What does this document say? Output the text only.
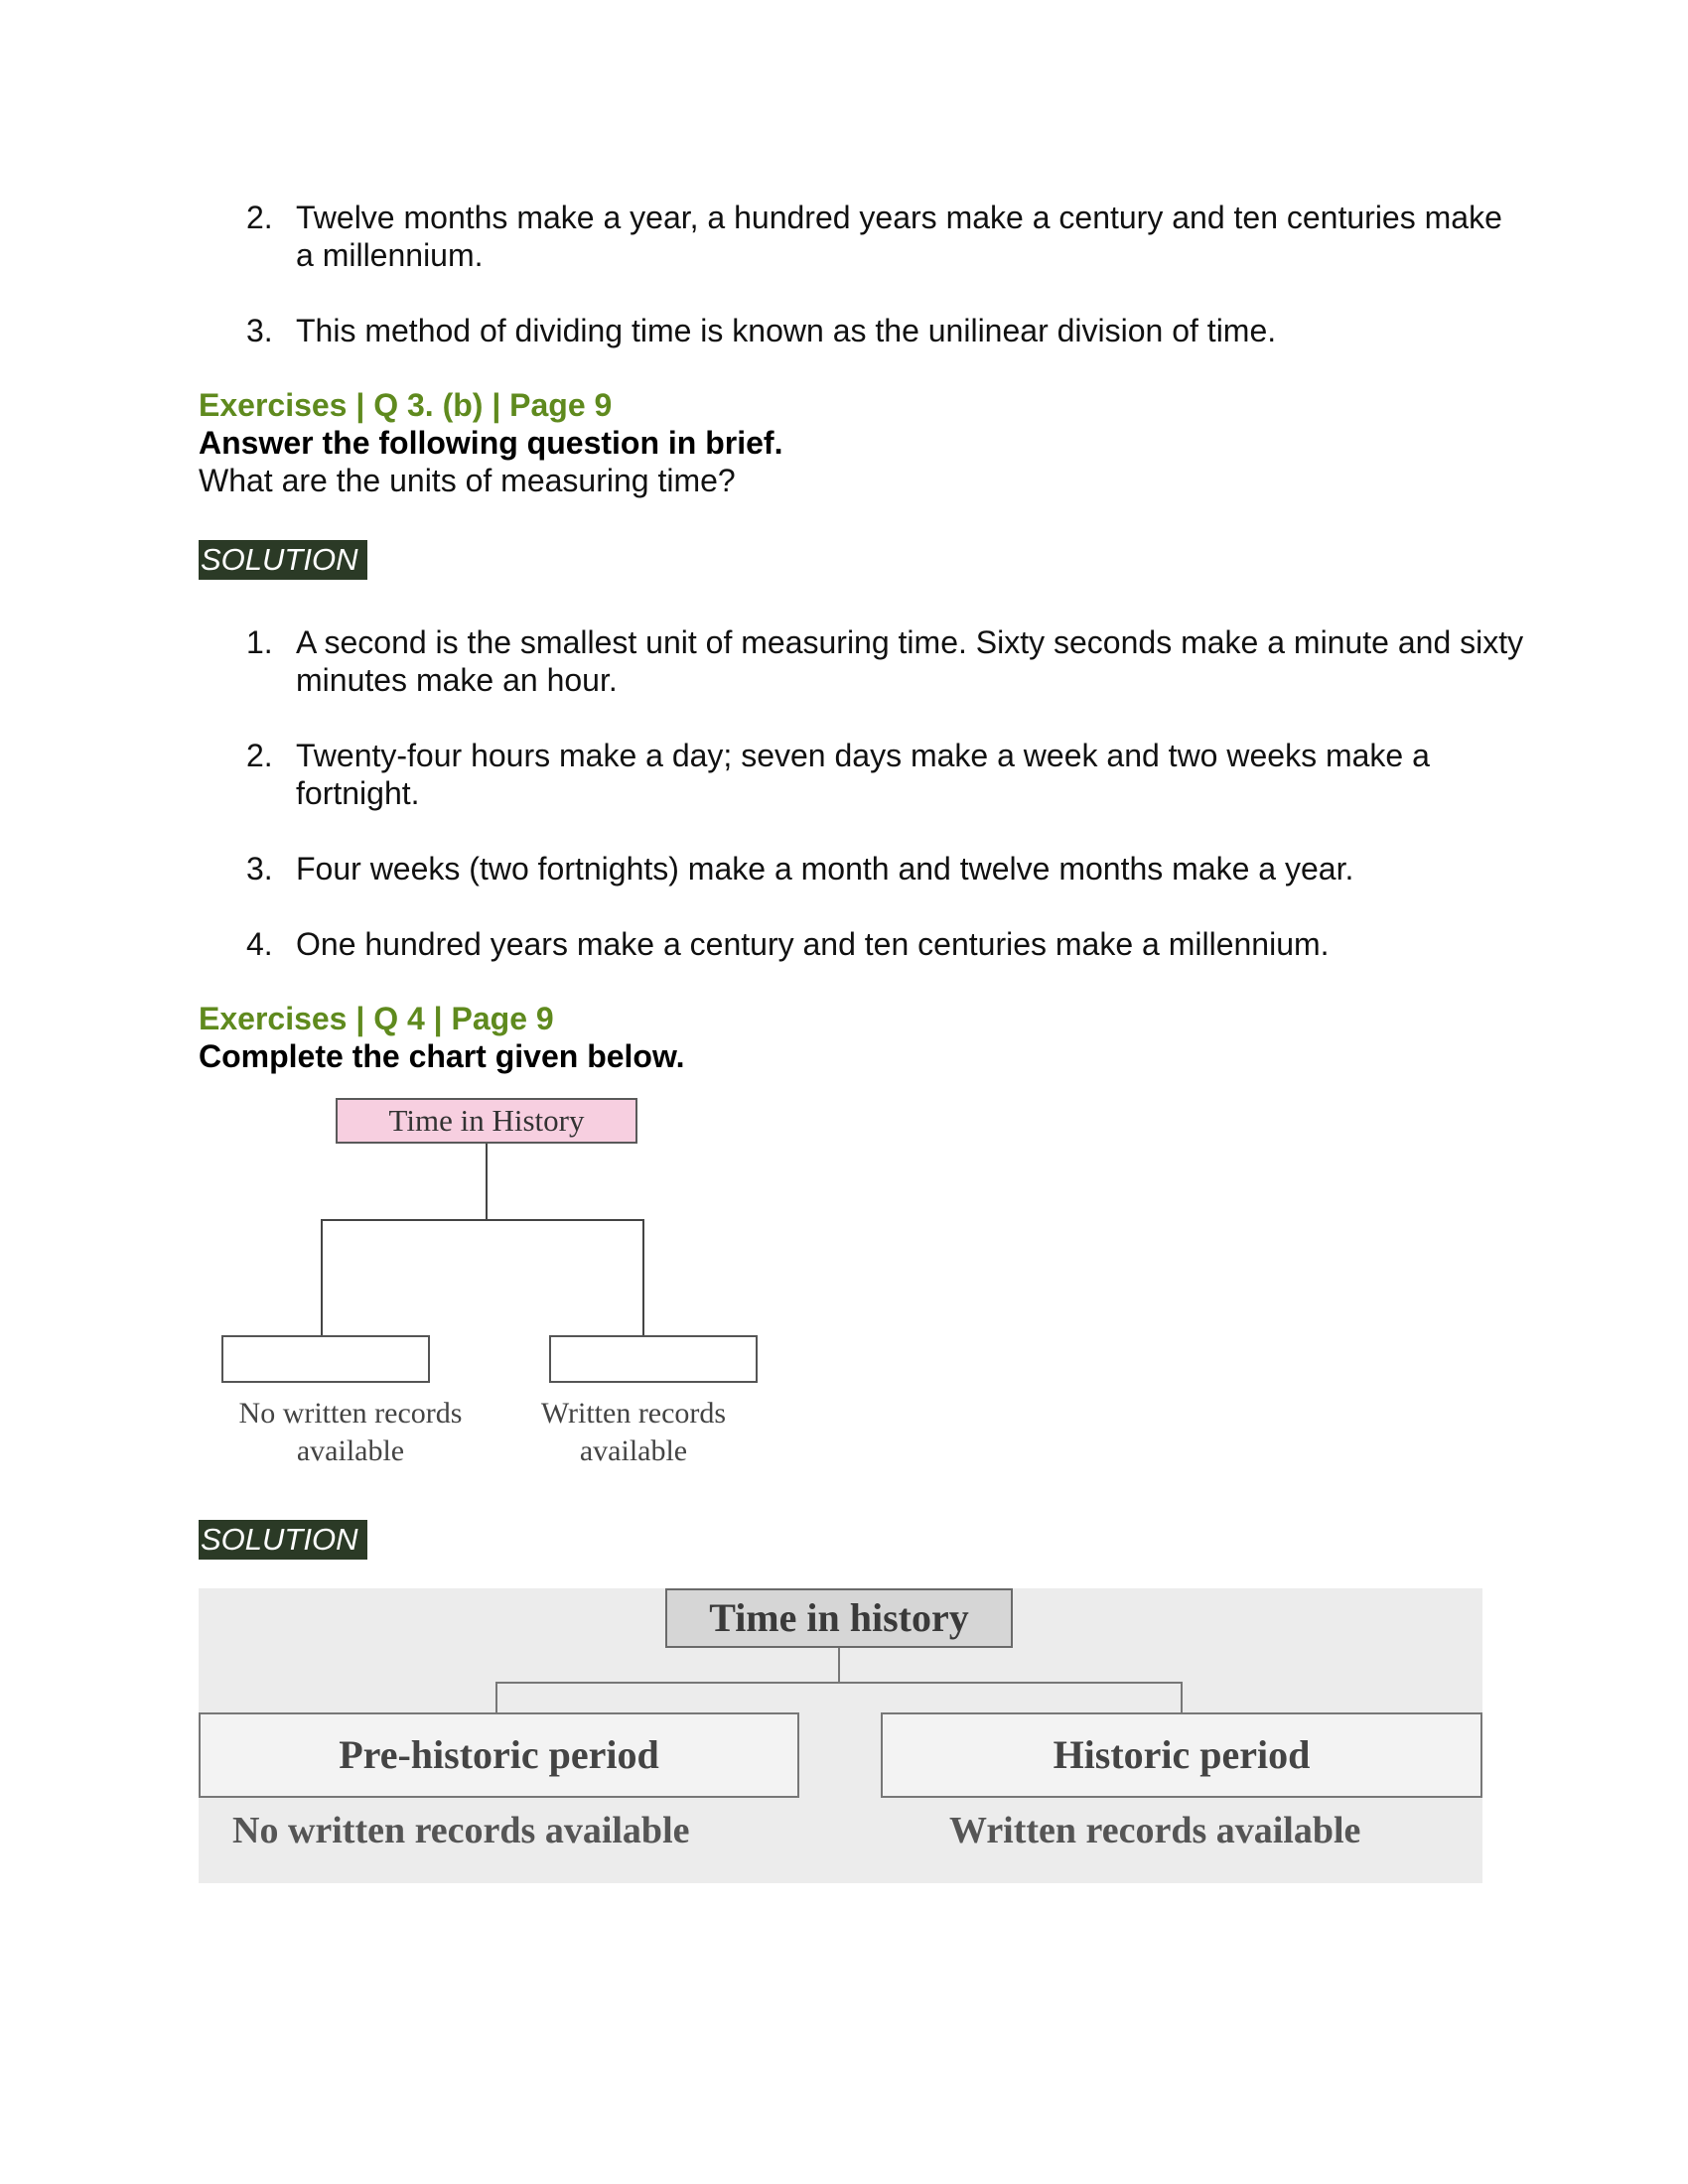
2. Twelve months make a year, a hundred years make a century and ten centuries make a millennium.
3. This method of dividing time is known as the unilinear division of time.
Exercises | Q 3. (b) | Page 9
Answer the following question in brief.
What are the units of measuring time?
SOLUTION
1. A second is the smallest unit of measuring time. Sixty seconds make a minute and sixty minutes make an hour.
2. Twenty-four hours make a day; seven days make a week and two weeks make a fortnight.
3. Four weeks (two fortnights) make a month and twelve months make a year.
4. One hundred years make a century and ten centuries make a millennium.
Exercises | Q 4 | Page 9
Complete the chart given below.
Time in History
No written records
available
Written records
available
SOLUTION
Time in history
Pre-historic period	Historic period
No written records available	Written records available
